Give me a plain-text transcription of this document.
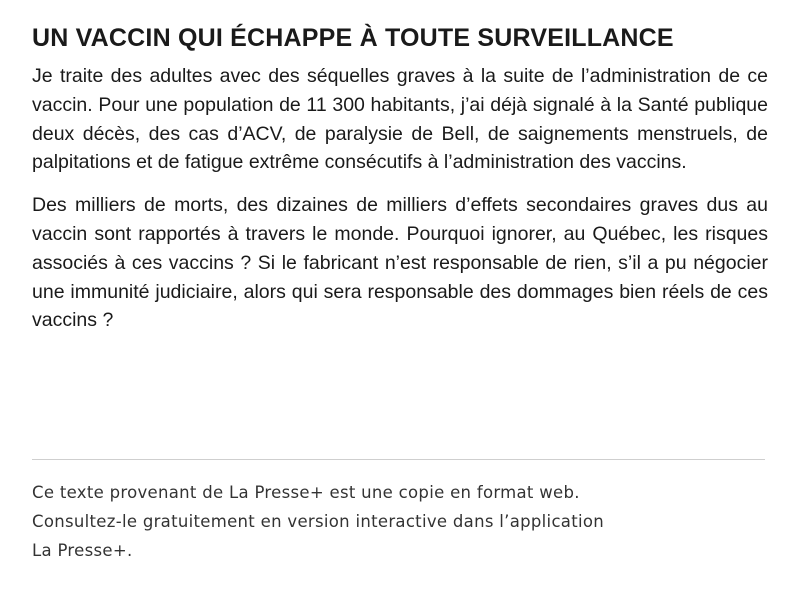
UN VACCIN QUI ÉCHAPPE À TOUTE SURVEILLANCE

Je traite des adultes avec des séquelles graves à la suite de l’administration de ce vaccin. Pour une population de 11 300 habitants, j’ai déjà signalé à la Santé publique deux décès, des cas d’ACV, de paralysie de Bell, de saignements menstruels, de palpitations et de fatigue extrême consécutifs à l’administration des vaccins.

Des milliers de morts, des dizaines de milliers d’effets secondaires graves dus au vaccin sont rapportés à travers le monde. Pourquoi ignorer, au Québec, les risques associés à ces vaccins ? Si le fabricant n’est responsable de rien, s’il a pu négocier une immunité judiciaire, alors qui sera responsable des dommages bien réels de ces vaccins ?

Ce texte provenant de La Presse+ est une copie en format web.

Consultez-le gratuitement en version interactive dans l’application

La Presse+.
